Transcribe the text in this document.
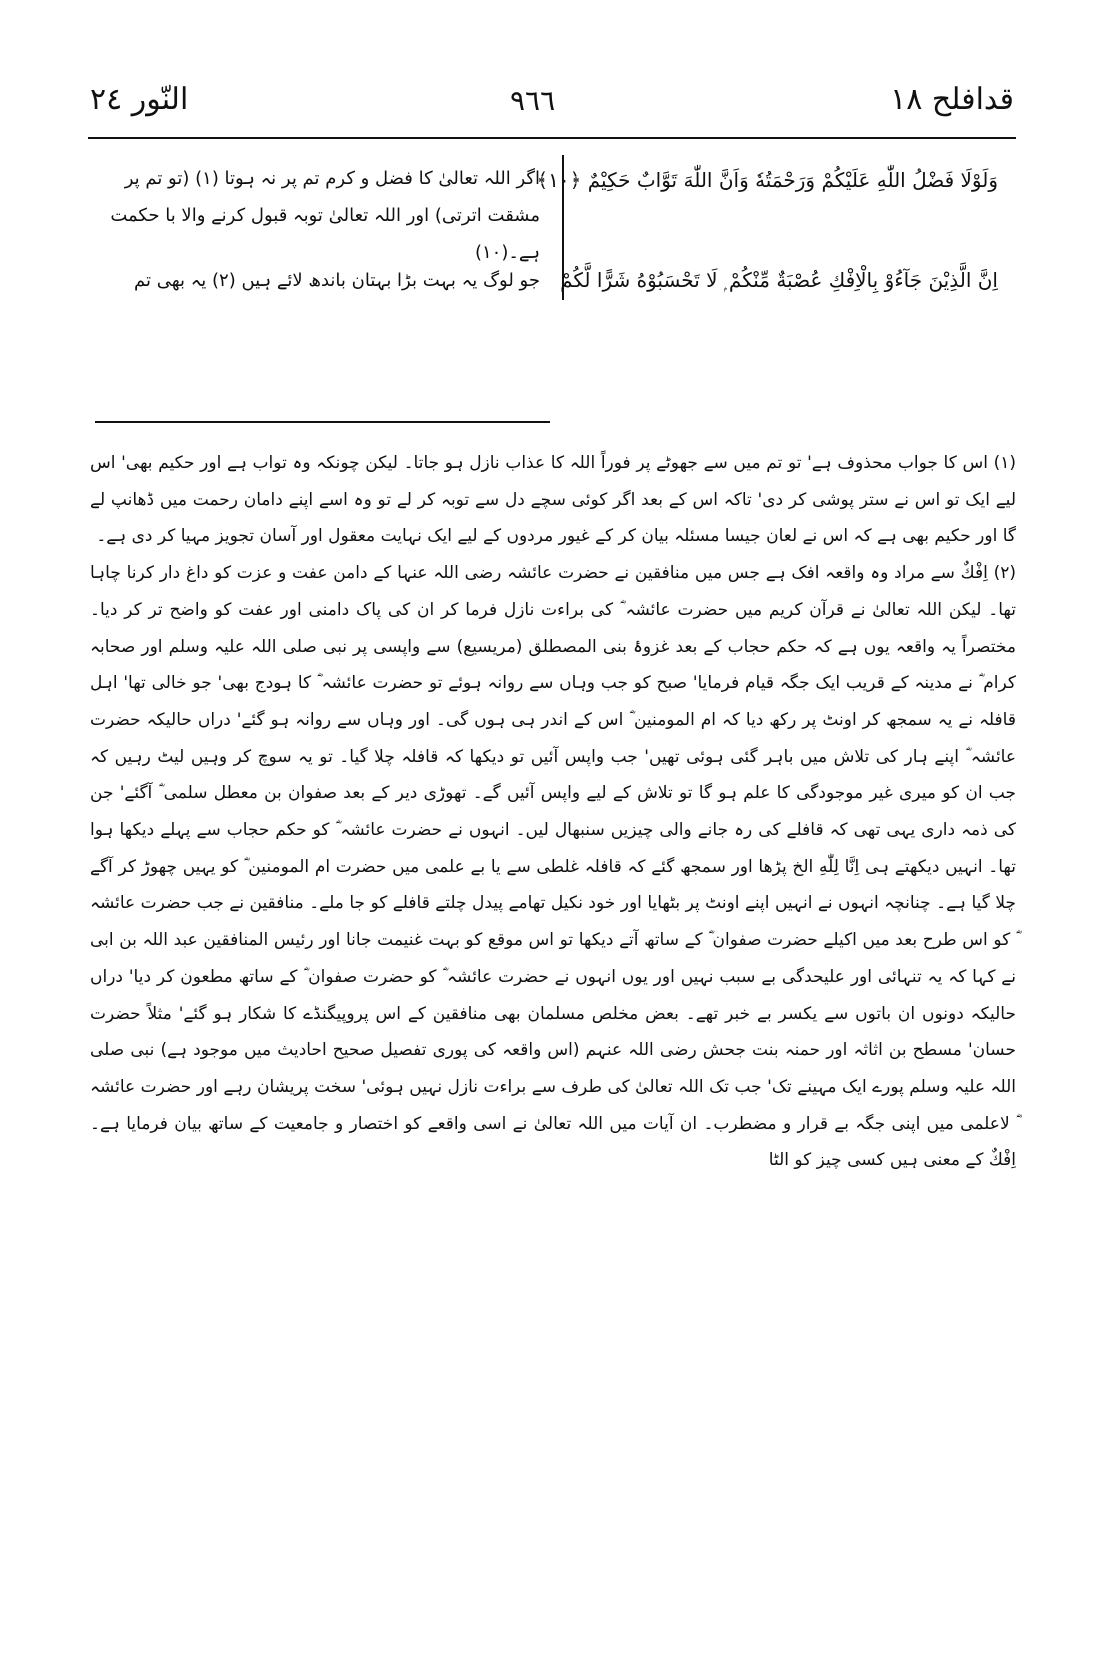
النّور ٢٤	٩٦٦	قدافلح ١٨
وَلَوْلَا فَضْلُ اللّٰهِ عَلَيْكُمْ وَرَحْمَتُهٗ وَاَنَّ اللّٰهَ تَوَّابٌ حَكِيْمٌ ﴿١٠﴾
اگر اللہ تعالیٰ کا فضل و کرم تم پر نہ ہوتا (١) (تو تم پر مشقت اترتی) اور اللہ تعالیٰ توبہ قبول کرنے والا با حکمت ہے۔(١٠)
اِنَّ الَّذِيْنَ جَآءُوْ بِالْاِفْكِ عُصْبَةٌ مِّنْكُمْ ۭ لَا تَحْسَبُوْهُ شَرًّا لَّكُمْ
جو لوگ یہ بہت بڑا بہتان باندھ لائے ہیں (٢) یہ بھی تم

(١) اس کا جواب محذوف ہے' تو تم میں سے جھوٹے پر فوراً اللہ کا عذاب نازل ہو جاتا۔ لیکن چونکہ وہ تواب ہے اور حکیم بھی' اس لیے ایک تو اس نے ستر پوشی کر دی' تاکہ اس کے بعد اگر کوئی سچے دل سے توبہ کر لے تو وہ اسے اپنے دامان رحمت میں ڈھانپ لے گا اور حکیم بھی ہے کہ اس نے لعان جیسا مسئلہ بیان کر کے غیور مردوں کے لیے ایک نہایت معقول اور آسان تجویز مہیا کر دی ہے۔

(٢) اِفْكٌ سے مراد وہ واقعہ افک ہے جس میں منافقین نے حضرت عائشہ رضی اللہ عنہا کے دامن عفت و عزت کو داغ دار کرنا چاہا تھا۔ لیکن اللہ تعالیٰ نے قرآن کریم میں حضرت عائشہ ؓ کی براءت نازل فرما کر ان کی پاک دامنی اور عفت کو واضح تر کر دیا۔ مختصراً یہ واقعہ یوں ہے کہ حکم حجاب کے بعد غزوۂ بنی المصطلق (مریسیع) سے واپسی پر نبی صلی اللہ علیہ وسلم اور صحابہ کرام ؓ نے مدینہ کے قریب ایک جگہ قیام فرمایا' صبح کو جب وہاں سے روانہ ہوئے تو حضرت عائشہ ؓ کا ہودج بھی' جو خالی تھا' اہل قافلہ نے یہ سمجھ کر اونٹ پر رکھ دیا کہ ام المومنین ؓ اس کے اندر ہی ہوں گی۔ اور وہاں سے روانہ ہو گئے' دراں حالیکہ حضرت عائشہ ؓ اپنے ہار کی تلاش میں باہر گئی ہوئی تھیں' جب واپس آئیں تو دیکھا کہ قافلہ چلا گیا۔ تو یہ سوچ کر وہیں لیٹ رہیں کہ جب ان کو میری غیر موجودگی کا علم ہو گا تو تلاش کے لیے واپس آئیں گے۔ تھوڑی دیر کے بعد صفوان بن معطل سلمی ؓ آگئے' جن کی ذمہ داری یہی تھی کہ قافلے کی رہ جانے والی چیزیں سنبھال لیں۔ انہوں نے حضرت عائشہ ؓ کو حکم حجاب سے پہلے دیکھا ہوا تھا۔ انہیں دیکھتے ہی اِنَّا لِلّٰهِ الخ پڑھا اور سمجھ گئے کہ قافلہ غلطی سے یا بے علمی میں حضرت ام المومنین ؓ کو یہیں چھوڑ کر آگے چلا گیا ہے۔ چنانچہ انہوں نے انہیں اپنے اونٹ پر بٹھایا اور خود نکیل تھامے پیدل چلتے قافلے کو جا ملے۔ منافقین نے جب حضرت عائشہ ؓ کو اس طرح بعد میں اکیلے حضرت صفوان ؓ کے ساتھ آتے دیکھا تو اس موقع کو بہت غنیمت جانا اور رئیس المنافقین عبد اللہ بن ابی نے کہا کہ یہ تنہائی اور علیحدگی بے سبب نہیں اور یوں انہوں نے حضرت عائشہ ؓ کو حضرت صفوان ؓ کے ساتھ مطعون کر دیا' دراں حالیکہ دونوں ان باتوں سے یکسر بے خبر تھے۔ بعض مخلص مسلمان بھی منافقین کے اس پروپیگنڈے کا شکار ہو گئے' مثلاً حضرت حسان' مسطح بن اثاثہ اور حمنہ بنت جحش رضی اللہ عنہم (اس واقعہ کی پوری تفصیل صحیح احادیث میں موجود ہے) نبی صلی اللہ علیہ وسلم پورے ایک مہینے تک' جب تک اللہ تعالیٰ کی طرف سے براءت نازل نہیں ہوئی' سخت پریشان رہے اور حضرت عائشہ ؓ لاعلمی میں اپنی جگہ بے قرار و مضطرب۔ ان آیات میں اللہ تعالیٰ نے اسی واقعے کو اختصار و جامعیت کے ساتھ بیان فرمایا ہے۔ اِفْكٌ کے معنی ہیں کسی چیز کو الٹا
